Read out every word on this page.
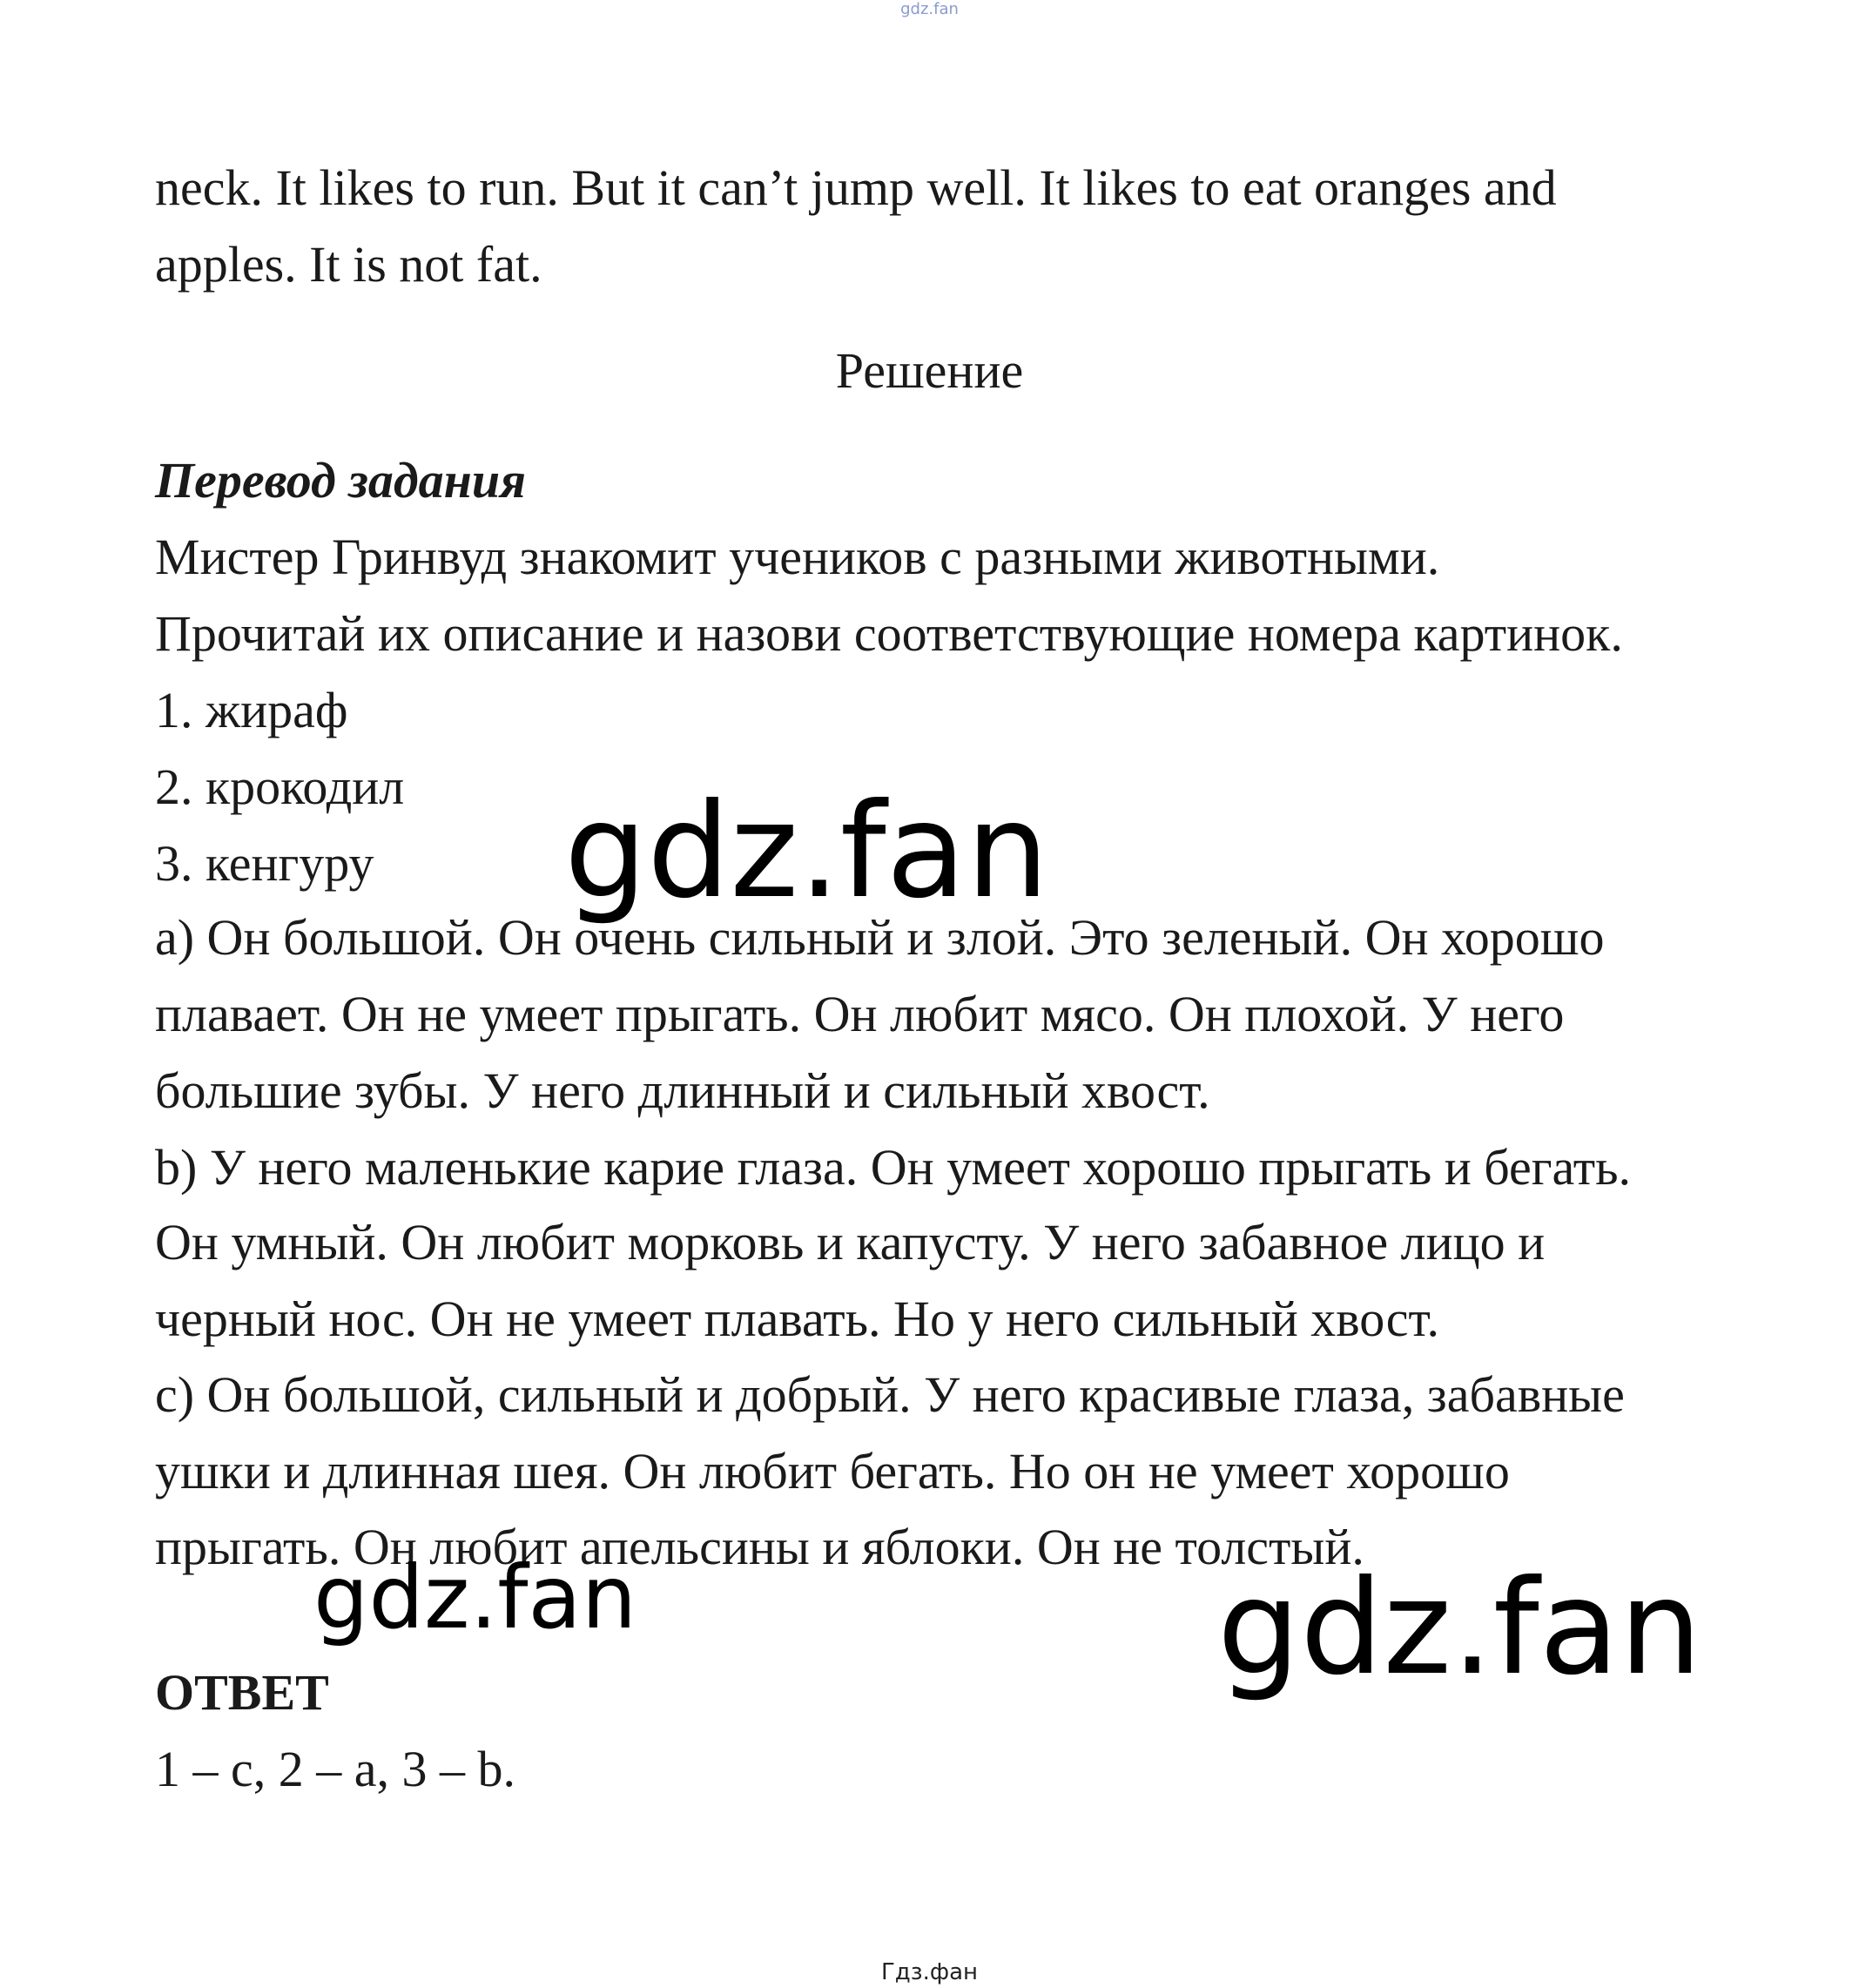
gdz.fan
neck. It likes to run. But it can’t jump well. It likes to eat oranges and
apples. It is not fat.
Решение
Перевод задания
Мистер Гринвуд знакомит учеников с разными животными.
Прочитай их описание и назови соответствующие номера картинок.
1. жираф
2. крокодил
3. кенгуру
a) Он большой. Он очень сильный и злой. Это зеленый. Он хорошо
плавает. Он не умеет прыгать. Он любит мясо. Он плохой. У него
большие зубы. У него длинный и сильный хвост.
b) У него маленькие карие глаза. Он умеет хорошо прыгать и бегать.
Он умный. Он любит морковь и капусту. У него забавное лицо и
черный нос. Он не умеет плавать. Но у него сильный хвост.
c) Он большой, сильный и добрый. У него красивые глаза, забавные
ушки и длинная шея. Он любит бегать. Но он не умеет хорошо
прыгать. Он любит апельсины и яблоки. Он не толстый.
ОТВЕТ
1 – c, 2 – a, 3 – b.
gdz.fan
gdz.fan	gdz.fan
Гдз.фан
